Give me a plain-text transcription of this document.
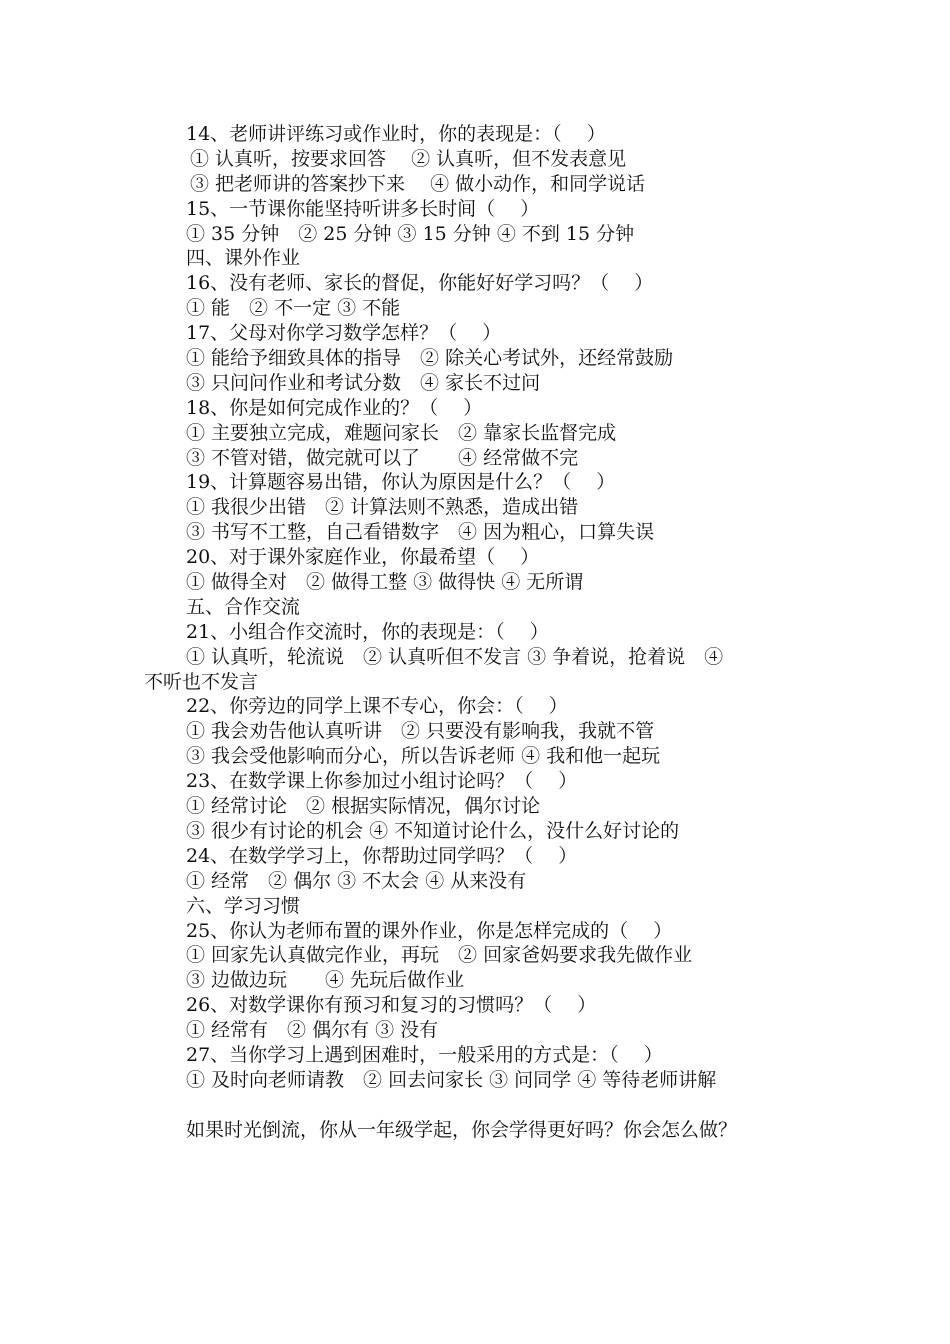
14、老师讲评练习或作业时，你的表现是：（　 ）
① 认真听，按要求回答　 ② 认真听，但不发表意见
③ 把老师讲的答案抄下来　 ④ 做小动作，和同学说话
15、一节课你能坚持听讲多长时间（　 ）
① 35 分钟　② 25 分钟 ③ 15 分钟 ④ 不到 15 分钟
四、课外作业
16、没有老师、家长的督促，你能好好学习吗？（　 ）
① 能　② 不一定 ③ 不能
17、父母对你学习数学怎样？（　 ）
① 能给予细致具体的指导　② 除关心考试外，还经常鼓励
③ 只问问作业和考试分数　④ 家长不过问
18、你是如何完成作业的？（　 ）
① 主要独立完成，难题问家长　② 靠家长监督完成
③ 不管对错，做完就可以了　　④ 经常做不完
19、计算题容易出错，你认为原因是什么？（　 ）
① 我很少出错　② 计算法则不熟悉，造成出错
③ 书写不工整，自己看错数字　④ 因为粗心，口算失误
20、对于课外家庭作业，你最希望（　 ）
① 做得全对　② 做得工整 ③ 做得快 ④ 无所谓
五、合作交流
21、小组合作交流时，你的表现是：（　 ）
① 认真听，轮流说　② 认真听但不发言 ③ 争着说，抢着说　④
不听也不发言
22、你旁边的同学上课不专心，你会：（　 ）
① 我会劝告他认真听讲　② 只要没有影响我，我就不管
③ 我会受他影响而分心，所以告诉老师 ④ 我和他一起玩
23、在数学课上你参加过小组讨论吗？（　 ）
① 经常讨论　② 根据实际情况，偶尔讨论
③ 很少有讨论的机会 ④ 不知道讨论什么，没什么好讨论的
24、在数学学习上，你帮助过同学吗？（　 ）
① 经常　② 偶尔 ③ 不太会 ④ 从来没有
六、学习习惯
25、你认为老师布置的课外作业，你是怎样完成的（　 ）
① 回家先认真做完作业，再玩　② 回家爸妈要求我先做作业
③ 边做边玩　　④ 先玩后做作业
26、对数学课你有预习和复习的习惯吗？（　 ）
① 经常有　② 偶尔有 ③ 没有
27、当你学习上遇到困难时，一般采用的方式是：（　 ）
① 及时向老师请教　② 回去问家长 ③ 问同学 ④ 等待老师讲解
如果时光倒流，你从一年级学起，你会学得更好吗？你会怎么做？
